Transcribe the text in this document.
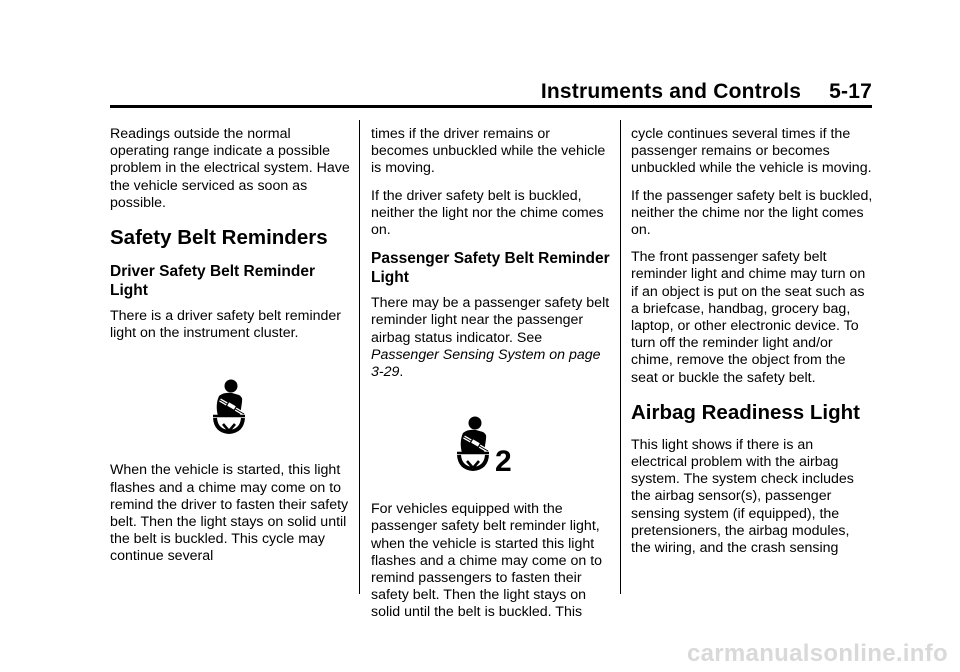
Instruments and Controls 5-17

Readings outside the normal operating range indicate a possible problem in the electrical system. Have the vehicle serviced as soon as possible.

Safety Belt Reminders
Driver Safety Belt Reminder Light

There is a driver safety belt reminder light on the instrument cluster.

When the vehicle is started, this light flashes and a chime may come on to remind the driver to fasten their safety belt. Then the light stays on solid until the belt is buckled. This cycle may continue several

times if the driver remains or becomes unbuckled while the vehicle is moving.

If the driver safety belt is buckled, neither the light nor the chime comes on.

Passenger Safety Belt Reminder Light

There may be a passenger safety belt reminder light near the passenger airbag status indicator. See Passenger Sensing System on page 3-29.

2

For vehicles equipped with the passenger safety belt reminder light, when the vehicle is started this light flashes and a chime may come on to remind passengers to fasten their safety belt. Then the light stays on solid until the belt is buckled. This

cycle continues several times if the passenger remains or becomes unbuckled while the vehicle is moving.

If the passenger safety belt is buckled, neither the chime nor the light comes on.

The front passenger safety belt reminder light and chime may turn on if an object is put on the seat such as a briefcase, handbag, grocery bag, laptop, or other electronic device. To turn off the reminder light and/or chime, remove the object from the seat or buckle the safety belt.

Airbag Readiness Light

This light shows if there is an electrical problem with the airbag system. The system check includes the airbag sensor(s), passenger sensing system (if equipped), the pretensioners, the airbag modules, the wiring, and the crash sensing

carmanualsonline.info
